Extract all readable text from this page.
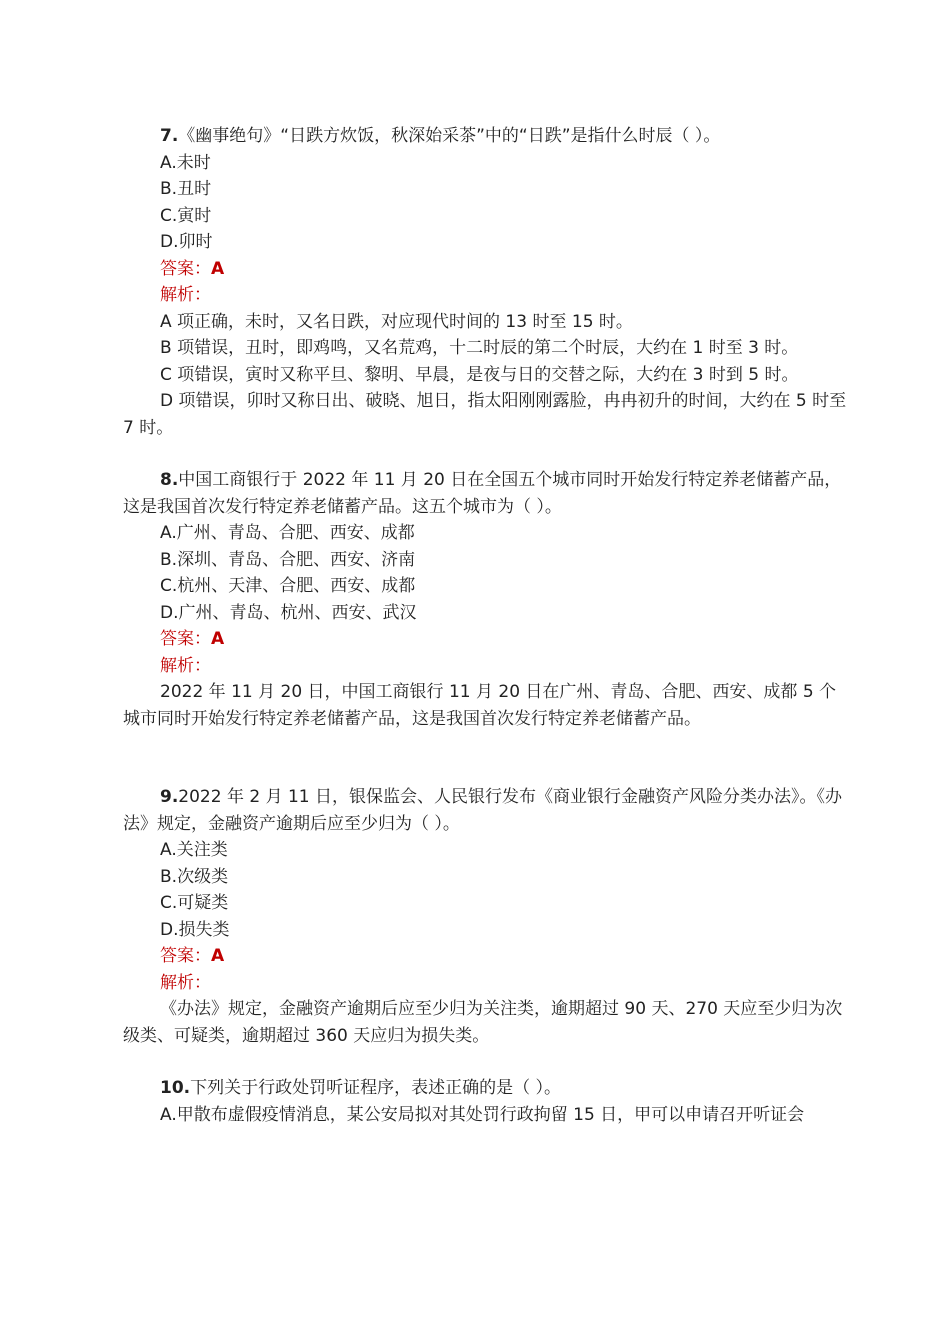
7.《幽事绝句》“日跌方炊饭，秋深始采茶”中的“日跌”是指什么时辰（ ）。
A.未时
B.丑时
C.寅时
D.卯时
答案：A
解析：
A 项正确，未时，又名日跌，对应现代时间的 13 时至 15 时。
B 项错误，丑时，即鸡鸣，又名荒鸡，十二时辰的第二个时辰，大约在 1 时至 3 时。
C 项错误，寅时又称平旦、黎明、早晨，是夜与日的交替之际，大约在 3 时到 5 时。
D 项错误，卯时又称日出、破晓、旭日，指太阳刚刚露脸，冉冉初升的时间，大约在 5 时至 7 时。
8.中国工商银行于 2022 年 11 月 20 日在全国五个城市同时开始发行特定养老储蓄产品，这是我国首次发行特定养老储蓄产品。这五个城市为（ ）。
A.广州、青岛、合肥、西安、成都
B.深圳、青岛、合肥、西安、济南
C.杭州、天津、合肥、西安、成都
D.广州、青岛、杭州、西安、武汉
答案：A
解析：
2022 年 11 月 20 日，中国工商银行 11 月 20 日在广州、青岛、合肥、西安、成都 5 个城市同时开始发行特定养老储蓄产品，这是我国首次发行特定养老储蓄产品。
9.2022 年 2 月 11 日，银保监会、人民银行发布《商业银行金融资产风险分类办法》。《办法》规定，金融资产逾期后应至少归为（ ）。
A.关注类
B.次级类
C.可疑类
D.损失类
答案：A
解析：
《办法》规定，金融资产逾期后应至少归为关注类，逾期超过 90 天、270 天应至少归为次级类、可疑类，逾期超过 360 天应归为损失类。
10.下列关于行政处罚听证程序，表述正确的是（ ）。
A.甲散布虚假疫情消息，某公安局拟对其处罚行政拘留 15 日，甲可以申请召开听证会
